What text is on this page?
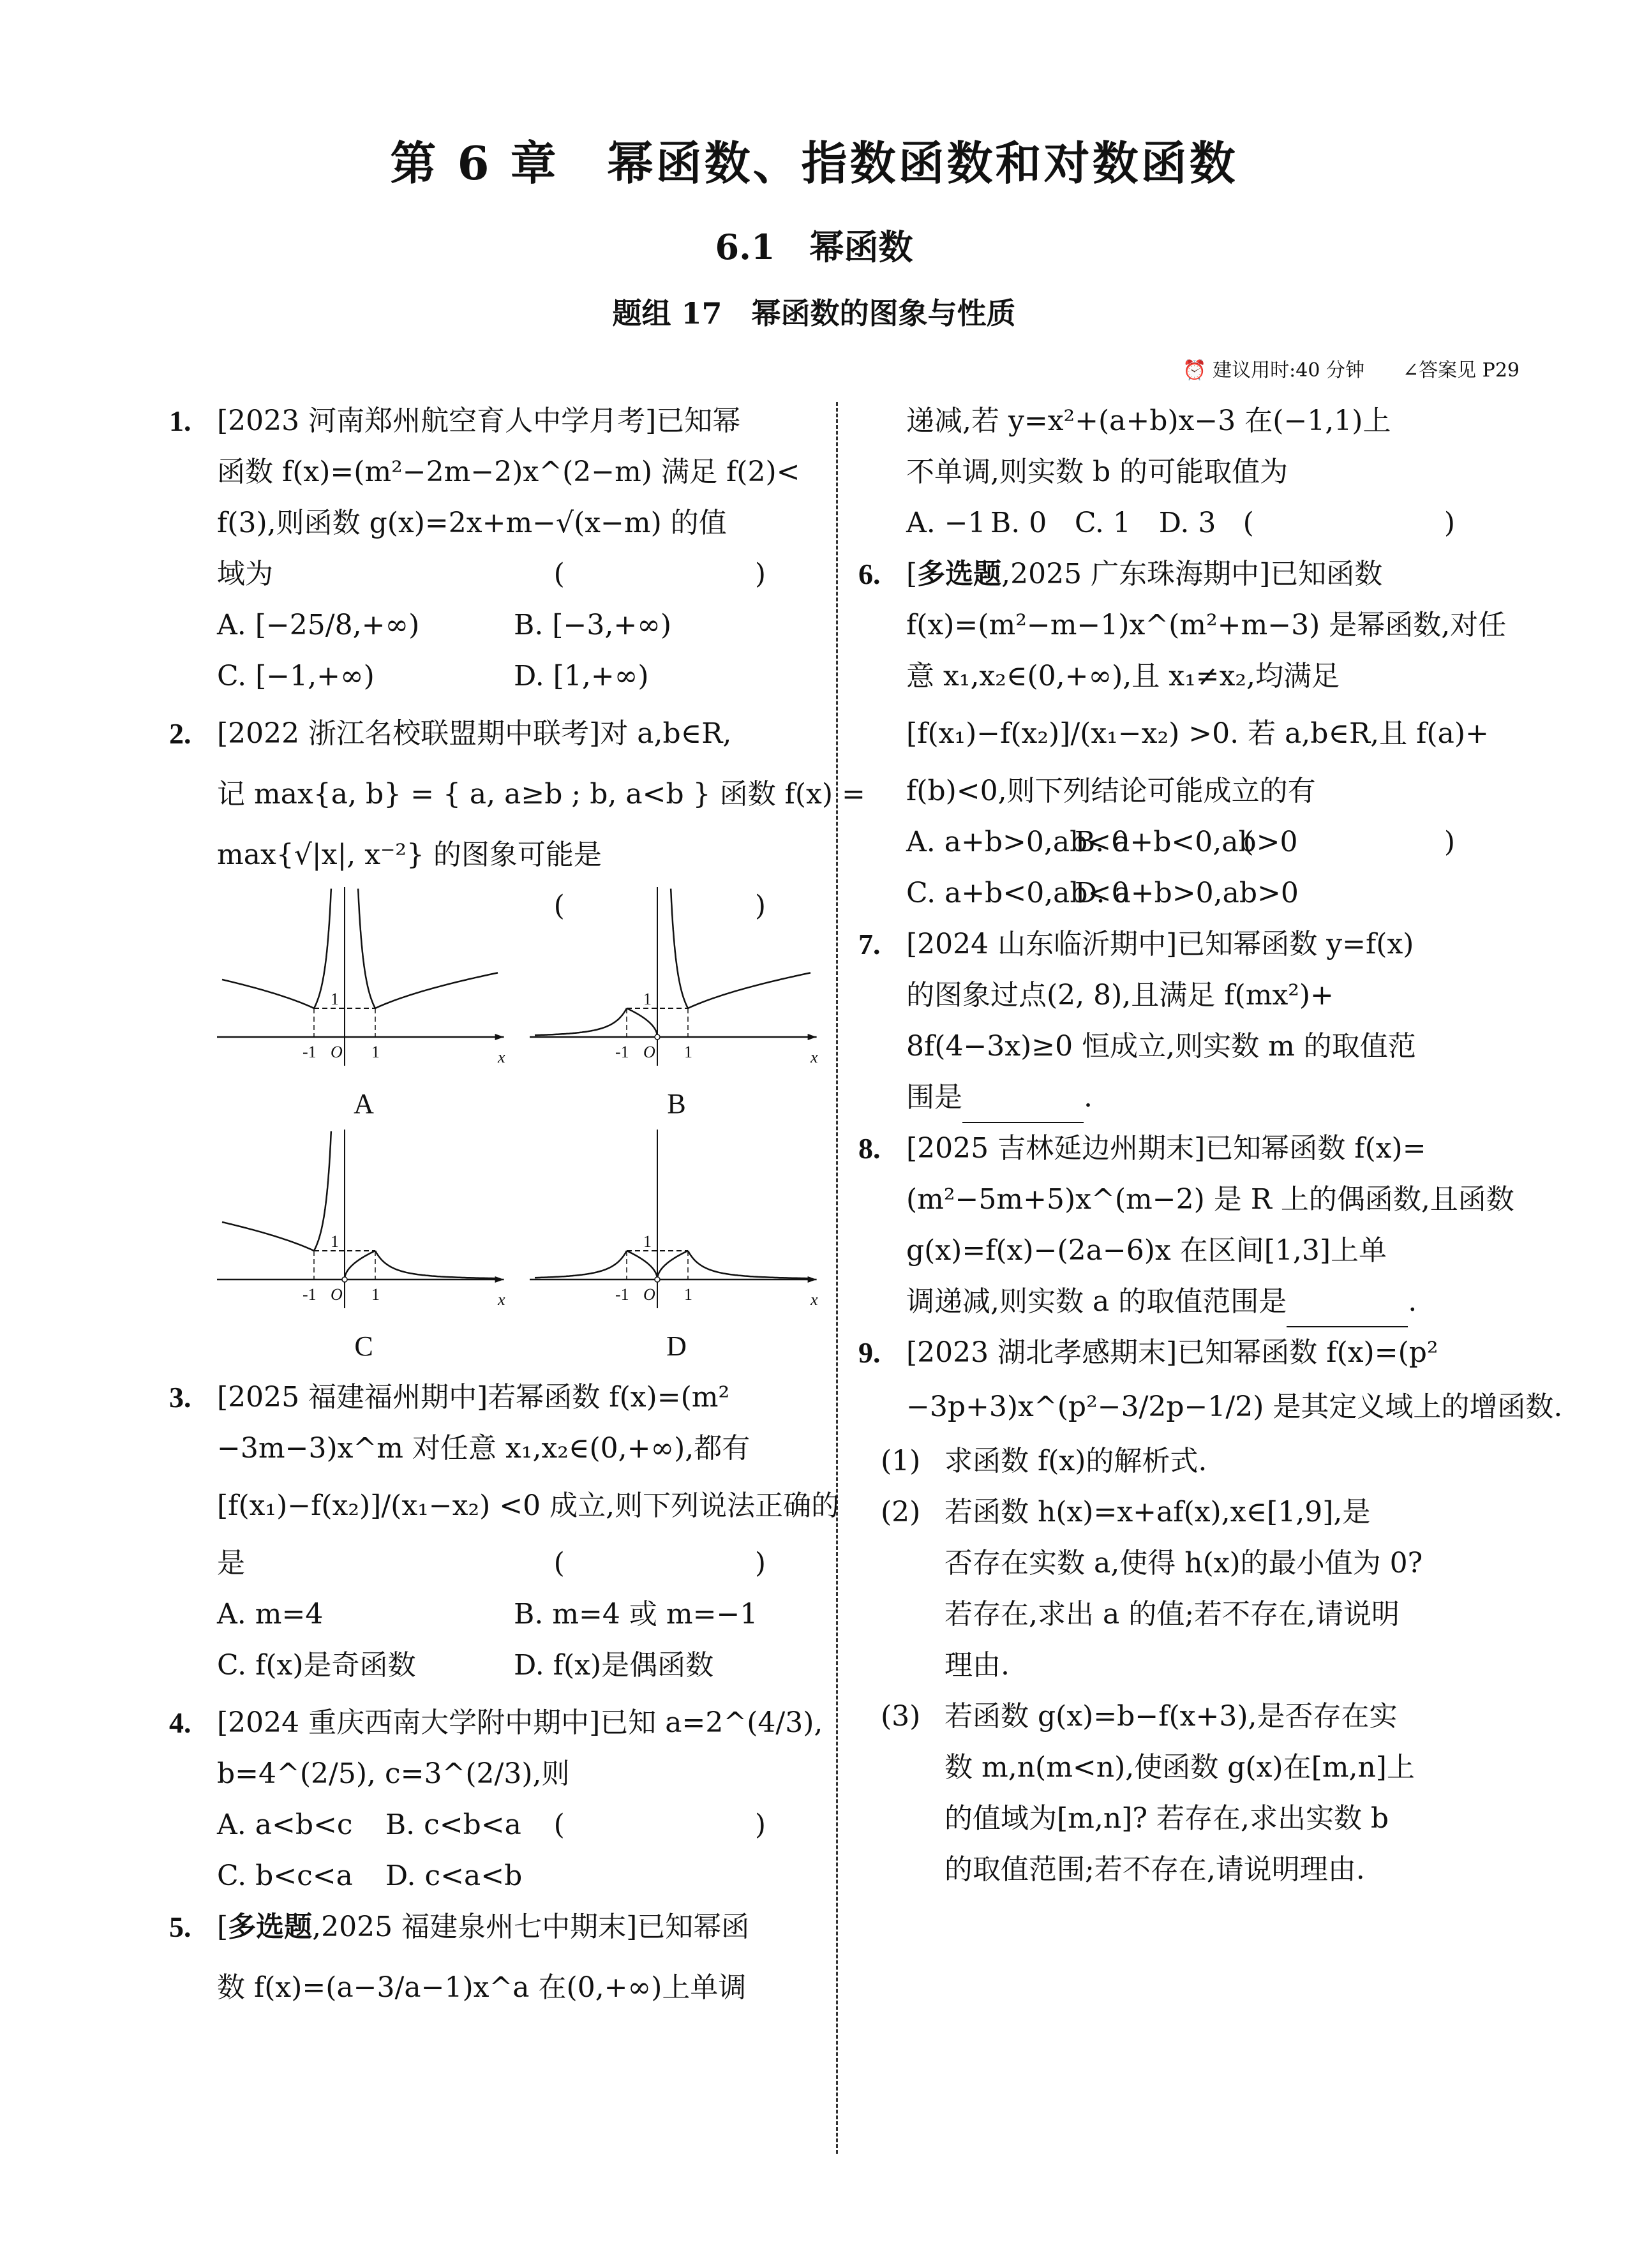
第 6 章　幂函数、指数函数和对数函数
6.1　幂函数
题组 17　幂函数的图象与性质
⏰ 建议用时:40 分钟 ∠答案见 P29
1. [2023 河南郑州航空育人中学月考]已知幂
函数 f(x)=(m²−2m−2)x^(2−m) 满足 f(2)<
f(3),则函数 g(x)=2x+m−√(x−m) 的值
域为	(　　)
A. [−25/8,+∞)	B. [−3,+∞)
C. [−1,+∞)	D. [1,+∞)
2. [2022 浙江名校联盟期中联考]对 a,b∈R,
记 max{a, b} = { a, a≥b ; b, a<b } 函数 f(x) =
max{√|x|, x⁻²} 的图象可能是
(　　)
-1 O 1
1
x
A
-1 O 1
1
x
B
-1 O 1
1
x
C
-1 O 1
1
x
D
3. [2025 福建福州期中]若幂函数 f(x)=(m²
−3m−3)x^m 对任意 x₁,x₂∈(0,+∞),都有
[f(x₁)−f(x₂)]/(x₁−x₂) <0 成立,则下列说法正确的
是	(　　)
A. m=4	B. m=4 或 m=−1
C. f(x)是奇函数	D. f(x)是偶函数
4. [2024 重庆西南大学附中期中]已知 a=2^(4/3),
b=4^(2/5), c=3^(2/3),则
(　　)
A. a<b<c	B. c<b<a
C. b<c<a	D. c<a<b
5. [多选题,2025 福建泉州七中期末]已知幂函
数 f(x)=(a−3/a−1)x^a 在(0,+∞)上单调
递减,若 y=x²+(a+b)x−3 在(−1,1)上
不单调,则实数 b 的可能取值为
(　　)
A. −1 B. 0 C. 1 D. 3
6. [多选题,2025 广东珠海期中]已知函数
f(x)=(m²−m−1)x^(m²+m−3) 是幂函数,对任
意 x₁,x₂∈(0,+∞),且 x₁≠x₂,均满足
[f(x₁)−f(x₂)]/(x₁−x₂) >0. 若 a,b∈R,且 f(a)+
f(b)<0,则下列结论可能成立的有
(　　)
A. a+b>0,ab<0
B. a+b<0,ab>0
C. a+b<0,ab<0
D. a+b>0,ab>0
7. [2024 山东临沂期中]已知幂函数 y=f(x)
的图象过点(2, 8),且满足 f(mx²)+
8f(4−3x)≥0 恒成立,则实数 m 的取值范
围是	.
8. [2025 吉林延边州期末]已知幂函数 f(x)=
(m²−5m+5)x^(m−2) 是 R 上的偶函数,且函数
g(x)=f(x)−(2a−6)x 在区间[1,3]上单
调递减,则实数 a 的取值范围是	.
9. [2023 湖北孝感期末]已知幂函数 f(x)=(p²
−3p+3)x^(p²−3/2p−1/2) 是其定义域上的增函数.
(1) 求函数 f(x)的解析式.
(2) 若函数 h(x)=x+af(x),x∈[1,9],是
否存在实数 a,使得 h(x)的最小值为 0?
若存在,求出 a 的值;若不存在,请说明
理由.
(3) 若函数 g(x)=b−f(x+3),是否存在实
数 m,n(m<n),使函数 g(x)在[m,n]上
的值域为[m,n]? 若存在,求出实数 b
的取值范围;若不存在,请说明理由.
